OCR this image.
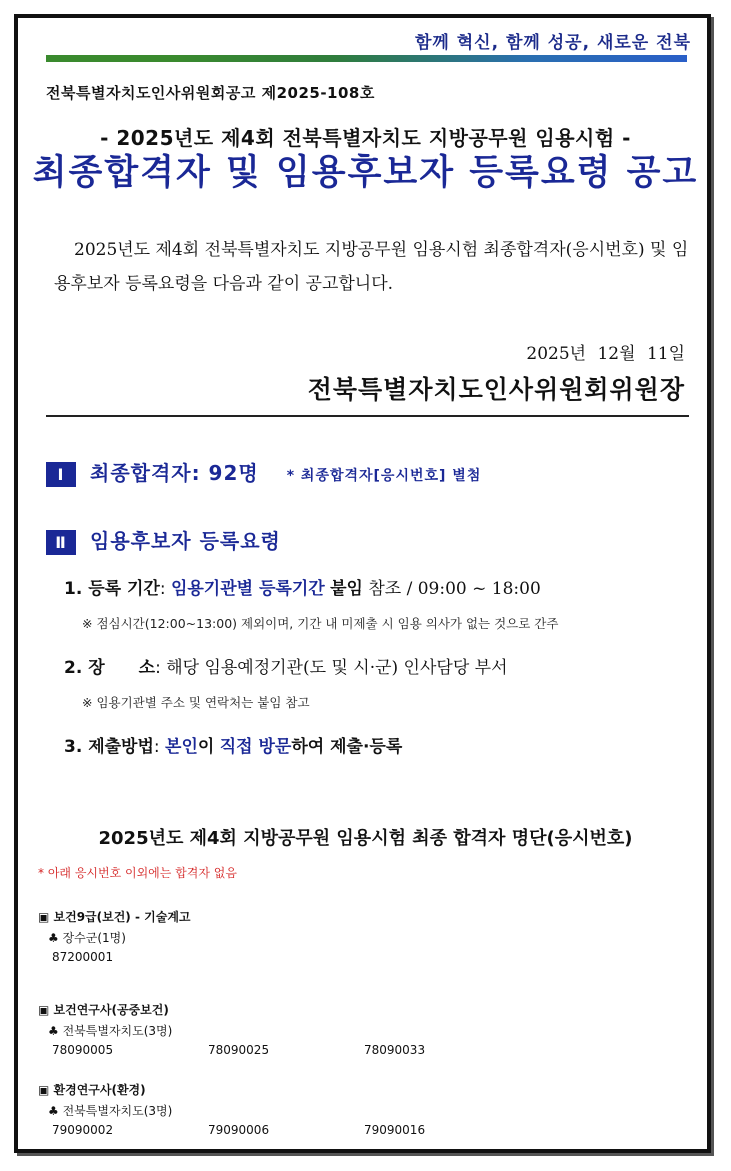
함께 혁신, 함께 성공, 새로운 전북
전북특별자치도인사위원회공고 제2025-108호
- 2025년도 제4회 전북특별자치도 지방공무원 임용시험 -
최종합격자 및 임용후보자 등록요령 공고
2025년도 제4회 전북특별자치도 지방공무원 임용시험 최종합격자(응시번호) 및 임용후보자 등록요령을 다음과 같이 공고합니다.
2025년 12월 11일
전북특별자치도인사위원회위원장
Ⅰ 최종합격자: 92명 * 최종합격자[응시번호] 별첨
Ⅱ 임용후보자 등록요령
1. 등록 기간: 임용기관별 등록기간 붙임 참조 / 09:00 ~ 18:00
※ 점심시간(12:00~13:00) 제외이며, 기간 내 미제출 시 임용 의사가 없는 것으로 간주
2. 장　　소: 해당 임용예정기관(도 및 시·군) 인사담당 부서
※ 임용기관별 주소 및 연락처는 붙임 참고
3. 제출방법: 본인이 직접 방문하여 제출·등록
2025년도 제4회 지방공무원 임용시험 최종 합격자 명단(응시번호)
* 아래 응시번호 이외에는 합격자 없음
▣ 보건9급(보건) - 기술계고
♣ 장수군(1명)
87200001
▣ 보건연구사(공중보건)
♣ 전북특별자치도(3명)
78090005	78090025	78090033
▣ 환경연구사(환경)
♣ 전북특별자치도(3명)
79090002	79090006	79090016
